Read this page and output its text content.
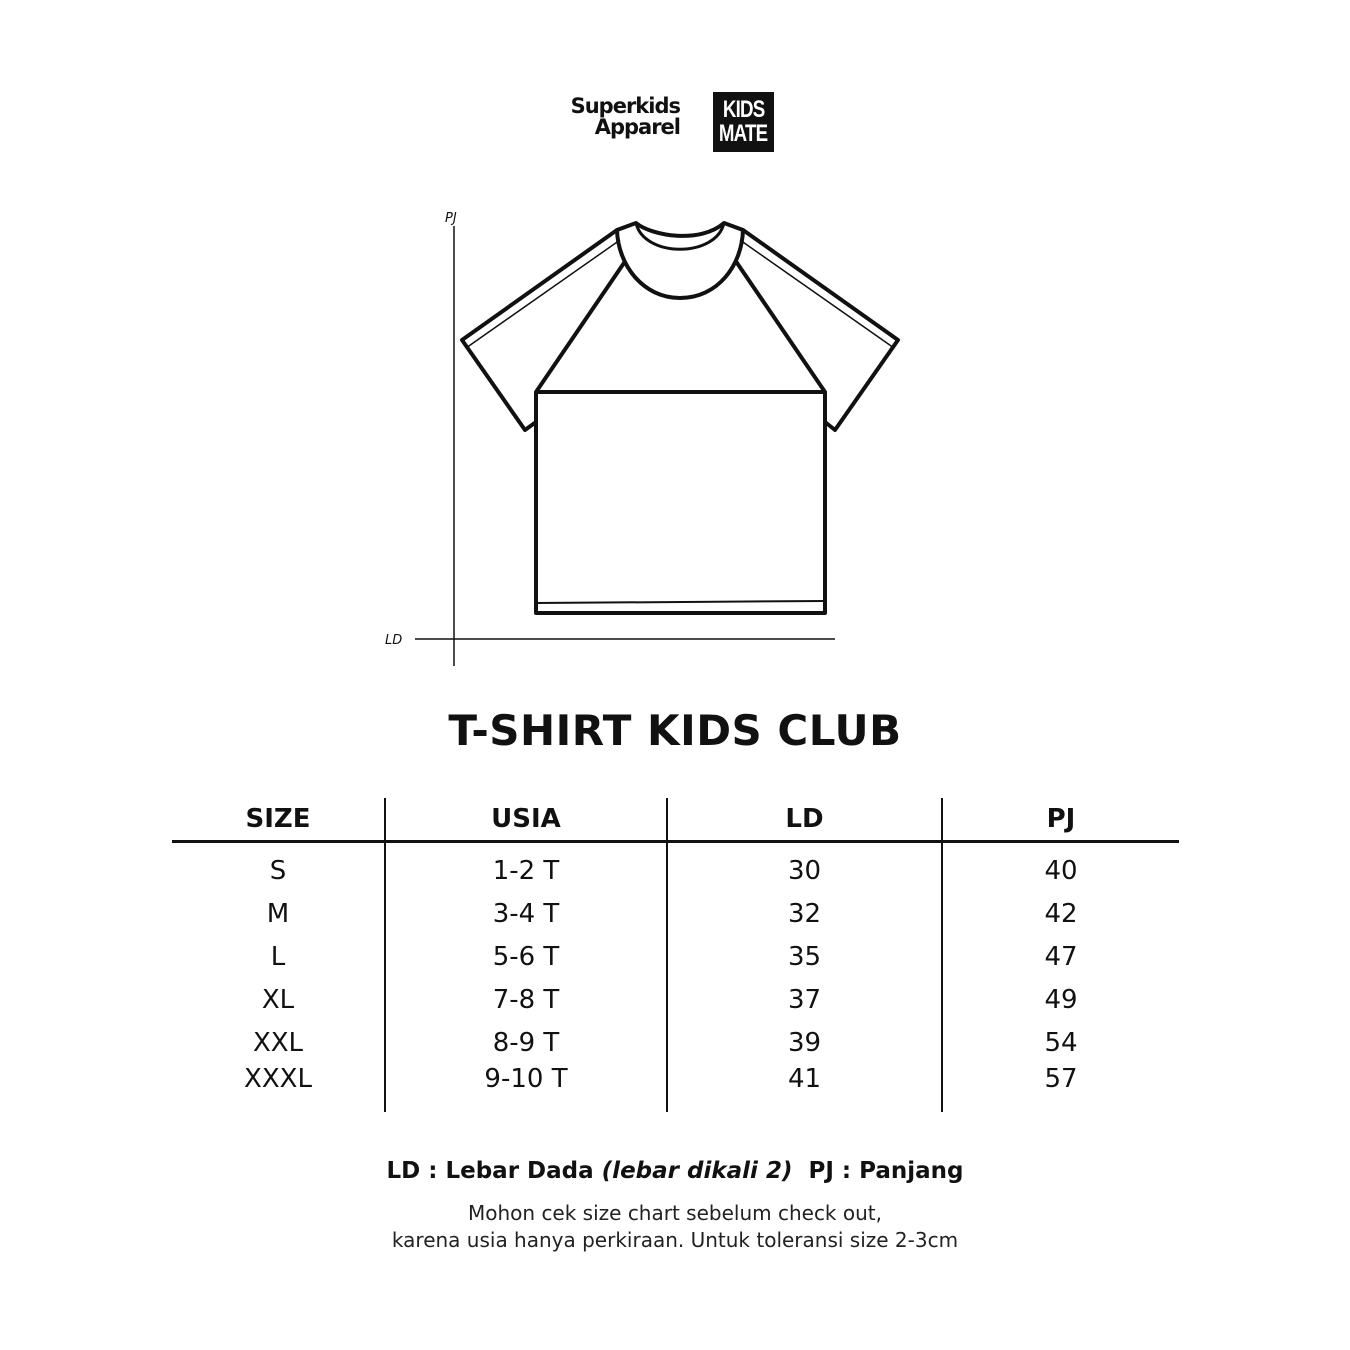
Superkids
Apparel
KIDS
MATE
PJ
LD
T-SHIRT KIDS CLUB
SIZE	USIA	LD	PJ
S	1-2 T	30	40
M	3-4 T	32	42
L	5-6 T	35	47
XL	7-8 T	37	49
XXL	8-9 T	39	54
XXXL	9-10 T	41	57
LD : Lebar Dada (lebar dikali 2) PJ : Panjang
Mohon cek size chart sebelum check out,
karena usia hanya perkiraan. Untuk toleransi size 2-3cm
